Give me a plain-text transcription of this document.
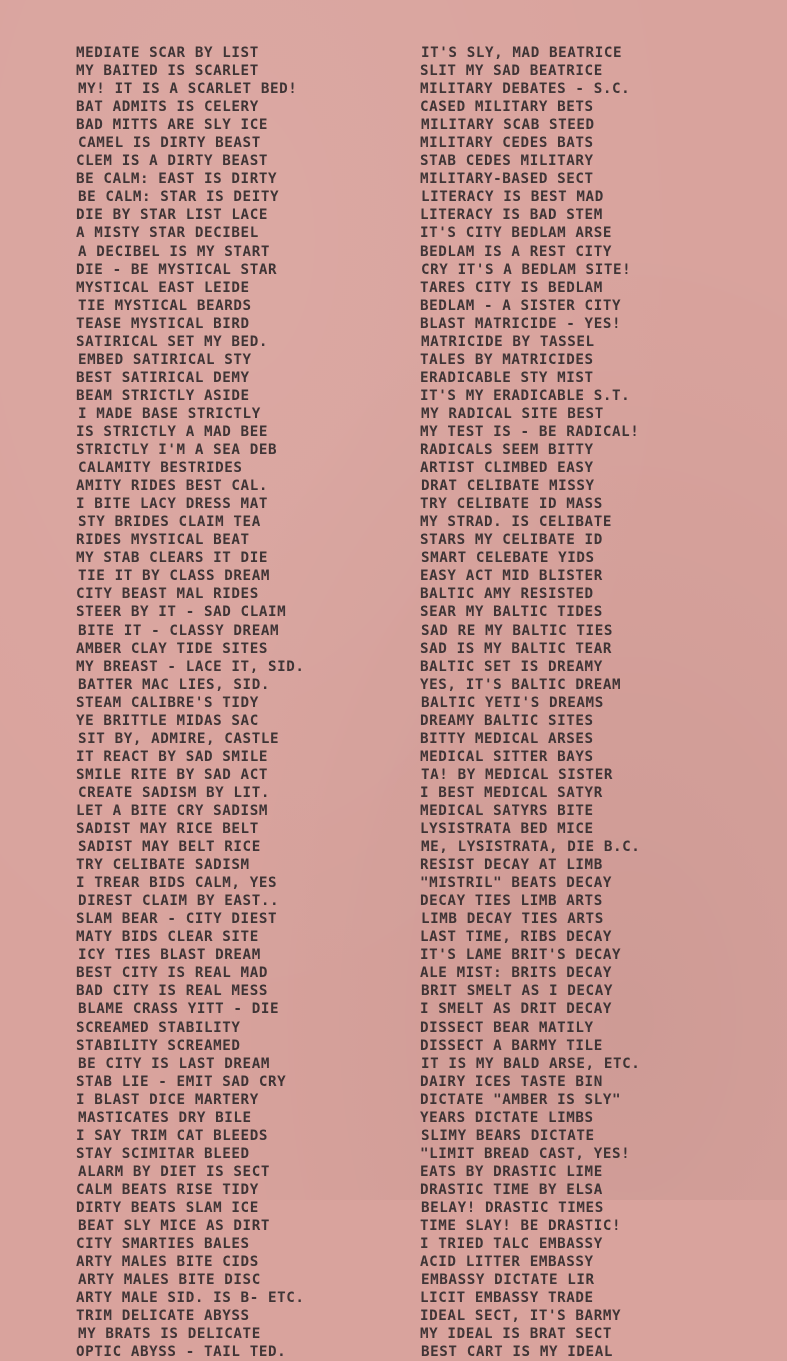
MEDIATE SCAR BY LIST
MY BAITED IS SCARLET
MY! IT IS A SCARLET BED!
BAT ADMITS IS CELERY
BAD MITTS ARE SLY ICE
CAMEL IS DIRTY BEAST
CLEM IS A DIRTY BEAST
BE CALM: EAST IS DIRTY
BE CALM: STAR IS DEITY
DIE BY STAR LIST LACE
A MISTY STAR DECIBEL
A DECIBEL IS MY START
DIE - BE MYSTICAL STAR
MYSTICAL EAST LEIDE
TIE MYSTICAL BEARDS
TEASE MYSTICAL BIRD
SATIRICAL SET MY BED.
EMBED SATIRICAL STY
BEST SATIRICAL DEMY
BEAM STRICTLY ASIDE
I MADE BASE STRICTLY
IS STRICTLY A MAD BEE
STRICTLY I'M A SEA DEB
CALAMITY BESTRIDES
AMITY RIDES BEST CAL.
I BITE LACY DRESS MAT
STY BRIDES CLAIM TEA
RIDES MYSTICAL BEAT
MY STAB CLEARS IT DIE
TIE IT BY CLASS DREAM
CITY BEAST MAL RIDES
STEER BY IT - SAD CLAIM
BITE IT - CLASSY DREAM
AMBER CLAY TIDE SITES
MY BREAST - LACE IT, SID.
BATTER MAC LIES, SID.
STEAM CALIBRE'S TIDY
YE BRITTLE MIDAS SAC
SIT BY, ADMIRE, CASTLE
IT REACT BY SAD SMILE
SMILE RITE BY SAD ACT
CREATE SADISM BY LIT.
LET A BITE CRY SADISM
SADIST MAY RICE BELT
SADIST MAY BELT RICE
TRY CELIBATE SADISM
I TREAR BIDS CALM, YES
DIREST CLAIM BY EAST..
SLAM BEAR - CITY DIEST
MATY BIDS CLEAR SITE
ICY TIES BLAST DREAM
BEST CITY IS REAL MAD
BAD CITY IS REAL MESS
BLAME CRASS YITT - DIE
SCREAMED STABILITY
STABILITY SCREAMED
BE CITY IS LAST DREAM
STAB LIE - EMIT SAD CRY
I BLAST DICE MARTERY
MASTICATES DRY BILE
I SAY TRIM CAT BLEEDS
STAY SCIMITAR BLEED
ALARM BY DIET IS SECT
CALM BEATS RISE TIDY
DIRTY BEATS SLAM ICE
BEAT SLY MICE AS DIRT
CITY SMARTIES BALES
ARTY MALES BITE CIDS
ARTY MALES BITE DISC
ARTY MALE SID. IS B- ETC.
TRIM DELICATE ABYSS
MY BRATS IS DELICATE
OPTIC ABYSS - TAIL TED.
IT'S SLY, MAD BEATRICE
SLIT MY SAD BEATRICE
MILITARY DEBATES - S.C.
CASED MILITARY BETS
MILITARY SCAB STEED
MILITARY CEDES BATS
STAB CEDES MILITARY
MILITARY-BASED SECT
LITERACY IS BEST MAD
LITERACY IS BAD STEM
IT'S CITY BEDLAM ARSE
BEDLAM IS A REST CITY
CRY IT'S A BEDLAM SITE!
TARES CITY IS BEDLAM
BEDLAM - A SISTER CITY
BLAST MATRICIDE - YES!
MATRICIDE BY TASSEL
TALES BY MATRICIDES
ERADICABLE STY MIST
IT'S MY ERADICABLE S.T.
MY RADICAL SITE BEST
MY TEST IS - BE RADICAL!
RADICALS SEEM BITTY
ARTIST CLIMBED EASY
DRAT CELIBATE MISSY
TRY CELIBATE ID MASS
MY STRAD. IS CELIBATE
STARS MY CELIBATE ID
SMART CELEBATE YIDS
EASY ACT MID BLISTER
BALTIC AMY RESISTED
SEAR MY BALTIC TIDES
SAD RE MY BALTIC TIES
SAD IS MY BALTIC TEAR
BALTIC SET IS DREAMY
YES, IT'S BALTIC DREAM
BALTIC YETI'S DREAMS
DREAMY BALTIC SITES
BITTY MEDICAL ARSES
MEDICAL SITTER BAYS
TA! BY MEDICAL SISTER
I BEST MEDICAL SATYR
MEDICAL SATYRS BITE
LYSISTRATA BED MICE
ME, LYSISTRATA, DIE B.C.
RESIST DECAY AT LIMB
"MISTRIL" BEATS DECAY
DECAY TIES LIMB ARTS
LIMB DECAY TIES ARTS
LAST TIME, RIBS DECAY
IT'S LAME BRIT'S DECAY
ALE MIST: BRITS DECAY
BRIT SMELT AS I DECAY
I SMELT AS DRIT DECAY
DISSECT BEAR MATILY
DISSECT A BARMY TILE
IT IS MY BALD ARSE, ETC.
DAIRY ICES TASTE BIN
DICTATE "AMBER IS SLY"
YEARS DICTATE LIMBS
SLIMY BEARS DICTATE
"LIMIT BREAD CAST, YES!
EATS BY DRASTIC LIME
DRASTIC TIME BY ELSA
BELAY! DRASTIC TIMES
TIME SLAY! BE DRASTIC!
I TRIED TALC EMBASSY
ACID LITTER EMBASSY
EMBASSY DICTATE LIR
LICIT EMBASSY TRADE
IDEAL SECT, IT'S BARMY
MY IDEAL IS BRAT SECT
BEST CART IS MY IDEAL
